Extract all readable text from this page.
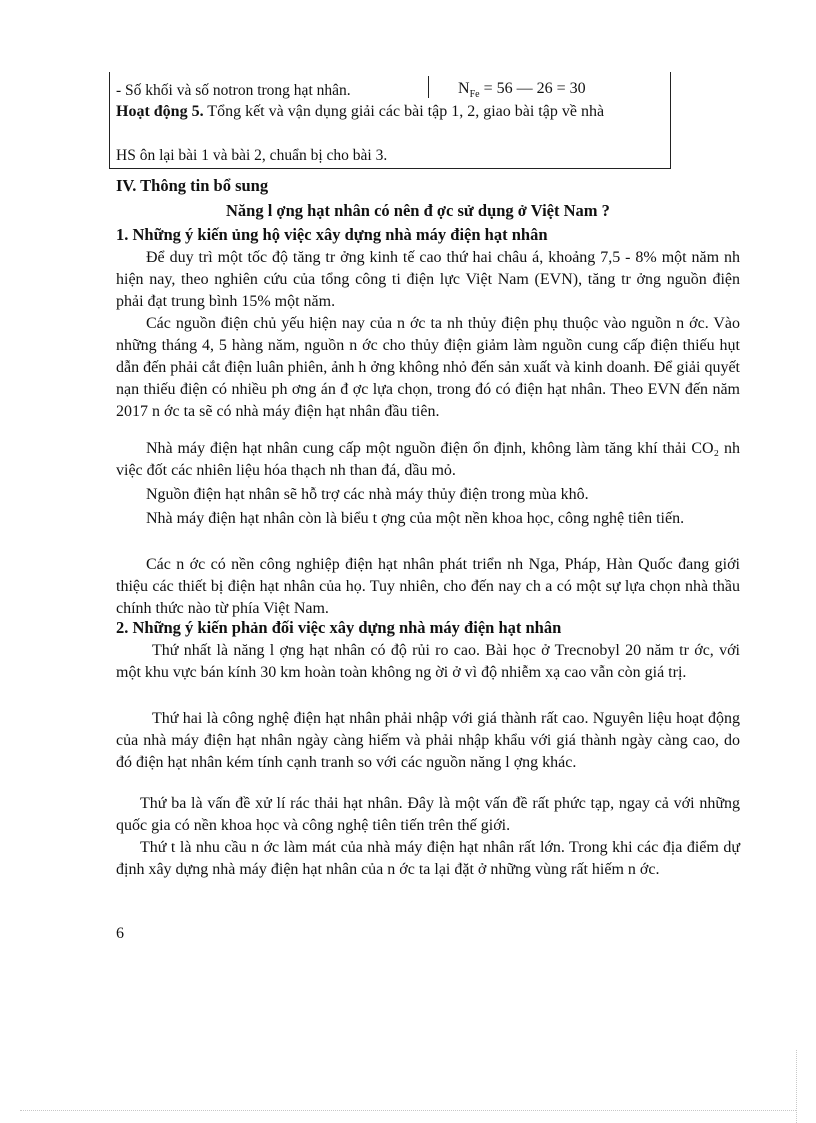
- Số khối và số notron trong hạt nhân.	$N_{Fe} = 56$ — 26 = 30
Hoạt động 5. Tổng kết và vận dụng giải các bài tập 1, 2, giao bài tập về nhà
HS ôn lại bài 1 và bài 2, chuẩn bị cho bài 3.
IV. Thông tin bổ sung
Năng l ợng hạt nhân có nên đ ợc sử dụng ở Việt Nam ?
1. Những ý kiến ủng hộ việc xây dựng nhà máy điện hạt nhân
Để duy trì một tốc độ tăng tr ởng kinh tế cao thứ hai châu á, khoảng 7,5 - 8% một năm nh hiện nay, theo nghiên cứu của tổng công ti điện lực Việt Nam (EVN), tăng tr ởng nguồn điện phải đạt trung bình 15% một năm.
Các nguồn điện chủ yếu hiện nay của n ớc ta nh thủy điện phụ thuộc vào nguồn n ớc. Vào những tháng 4, 5 hàng năm, nguồn n ớc cho thủy điện giảm làm nguồn cung cấp điện thiếu hụt dẫn đến phải cắt điện luân phiên, ảnh h ởng không nhỏ đến sản xuất và kinh doanh. Để giải quyết nạn thiếu điện có nhiều ph ơng án đ ợc lựa chọn, trong đó có điện hạt nhân. Theo EVN đến năm 2017 n ớc ta sẽ có nhà máy điện hạt nhân đầu tiên.
Nhà máy điện hạt nhân cung cấp một nguồn điện ổn định, không làm tăng khí thải CO₂ nh việc đốt các nhiên liệu hóa thạch nh than đá, dầu mỏ.
Nguồn điện hạt nhân sẽ hỗ trợ các nhà máy thủy điện trong mùa khô.
Nhà máy điện hạt nhân còn là biểu t ợng của một nền khoa học, công nghệ tiên tiến.
Các n ớc có nền công nghiệp điện hạt nhân phát triển nh Nga, Pháp, Hàn Quốc đang giới thiệu các thiết bị điện hạt nhân của họ. Tuy nhiên, cho đến nay ch a có một sự lựa chọn nhà thầu chính thức nào từ phía Việt Nam.
2. Những ý kiến phản đối việc xây dựng nhà máy điện hạt nhân
Thứ nhất là năng l ợng hạt nhân có độ rủi ro cao. Bài học ở Trecnobyl 20 năm tr ớc, với một khu vực bán kính 30 km hoàn toàn không ng ời ở vì độ nhiễm xạ cao vẫn còn giá trị.
Thứ hai là công nghệ điện hạt nhân phải nhập với giá thành rất cao. Nguyên liệu hoạt động của nhà máy điện hạt nhân ngày càng hiếm và phải nhập khẩu với giá thành ngày càng cao, do đó điện hạt nhân kém tính cạnh tranh so với các nguồn năng l ợng khác.
Thứ ba là vấn đề xử lí rác thải hạt nhân. Đây là một vấn đề rất phức tạp, ngay cả với những quốc gia có nền khoa học và công nghệ tiên tiến trên thế giới.
Thứ t là nhu cầu n ớc làm mát của nhà máy điện hạt nhân rất lớn. Trong khi các địa điểm dự định xây dựng nhà máy điện hạt nhân của n ớc ta lại đặt ở những vùng rất hiếm n ớc.
6
